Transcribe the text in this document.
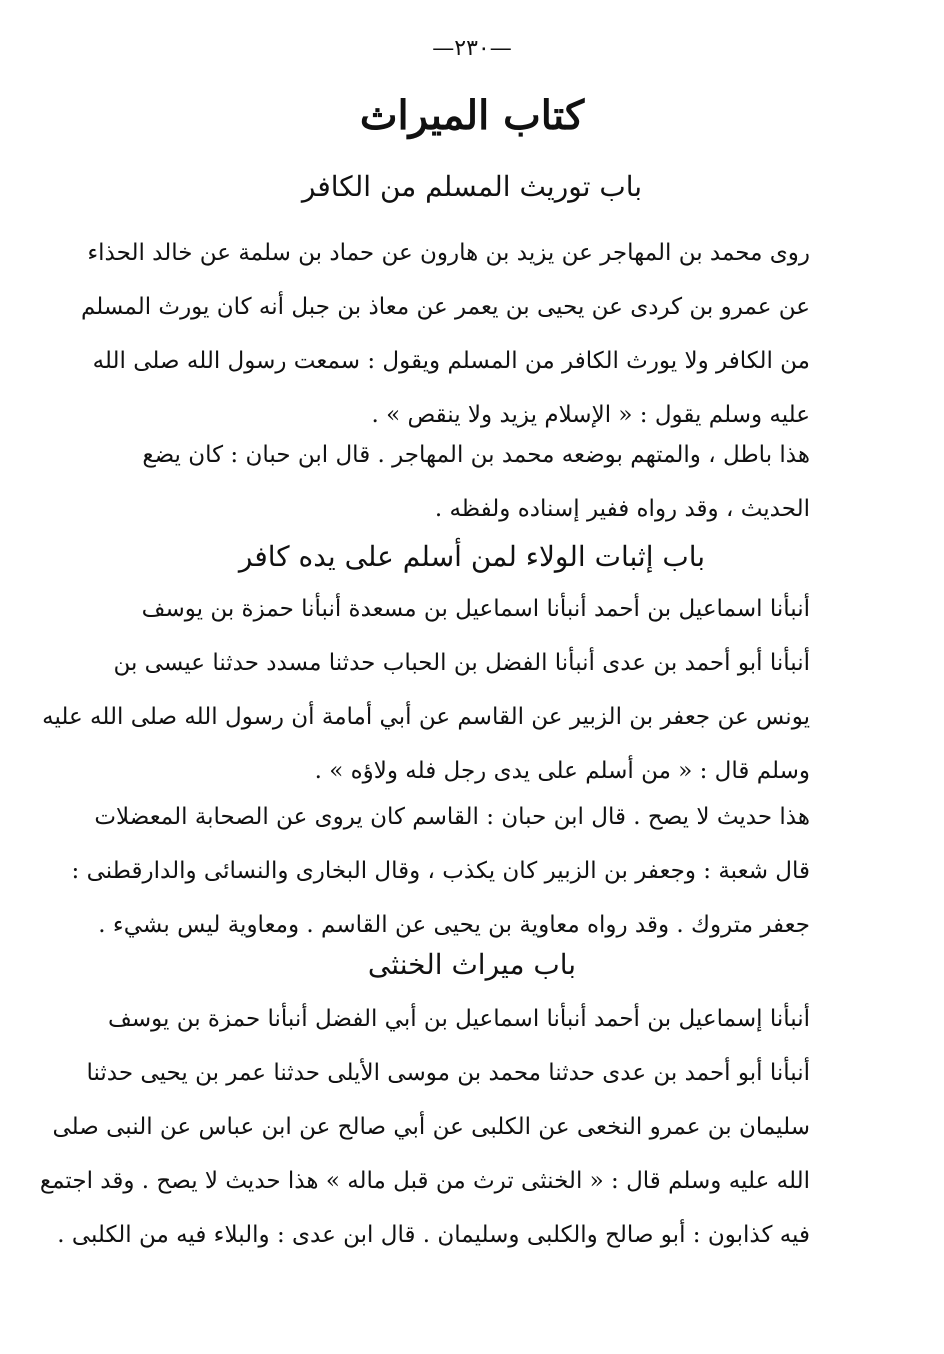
—٢٣٠—
كتاب الميراث
باب توريث المسلم من الكافر
روى محمد بن المهاجر عن يزيد بن هارون عن حماد بن سلمة عن خالد الحذاء
عن عمرو بن كردى عن يحيى بن يعمر عن معاذ بن جبل أنه كان يورث المسلم
من الكافر ولا يورث الكافر من المسلم ويقول : سمعت رسول الله صلى الله
عليه وسلم يقول : « الإسلام يزيد ولا ينقص » .
هذا باطل ، والمتهم بوضعه محمد بن المهاجر . قال ابن حبان : كان يضع
الحديث ، وقد رواه ففير إسناده ولفظه .
باب إثبات الولاء لمن أسلم على يده كافر
أنبأنا اسماعيل بن أحمد أنبأنا اسماعيل بن مسعدة أنبأنا حمزة بن يوسف
أنبأنا أبو أحمد بن عدى أنبأنا الفضل بن الحباب حدثنا مسدد حدثنا عيسى بن
يونس عن جعفر بن الزبير عن القاسم عن أبي أمامة أن رسول الله صلى الله عليه
وسلم قال : « من أسلم على يدى رجل فله ولاؤه » .
هذا حديث لا يصح . قال ابن حبان : القاسم كان يروى عن الصحابة المعضلات
قال شعبة : وجعفر بن الزبير كان يكذب ، وقال البخارى والنسائى والدارقطنى :
جعفر متروك . وقد رواه معاوية بن يحيى عن القاسم . ومعاوية ليس بشيء .
باب ميراث الخنثى
أنبأنا إسماعيل بن أحمد أنبأنا اسماعيل بن أبي الفضل أنبأنا حمزة بن يوسف
أنبأنا أبو أحمد بن عدى حدثنا محمد بن موسى الأيلى حدثنا عمر بن يحيى حدثنا
سليمان بن عمرو النخعى عن الكلبى عن أبي صالح عن ابن عباس عن النبى صلى
الله عليه وسلم قال : « الخنثى ترث من قبل ماله » هذا حديث لا يصح . وقد اجتمع
فيه كذابون : أبو صالح والكلبى وسليمان . قال ابن عدى : والبلاء فيه من الكلبى .
